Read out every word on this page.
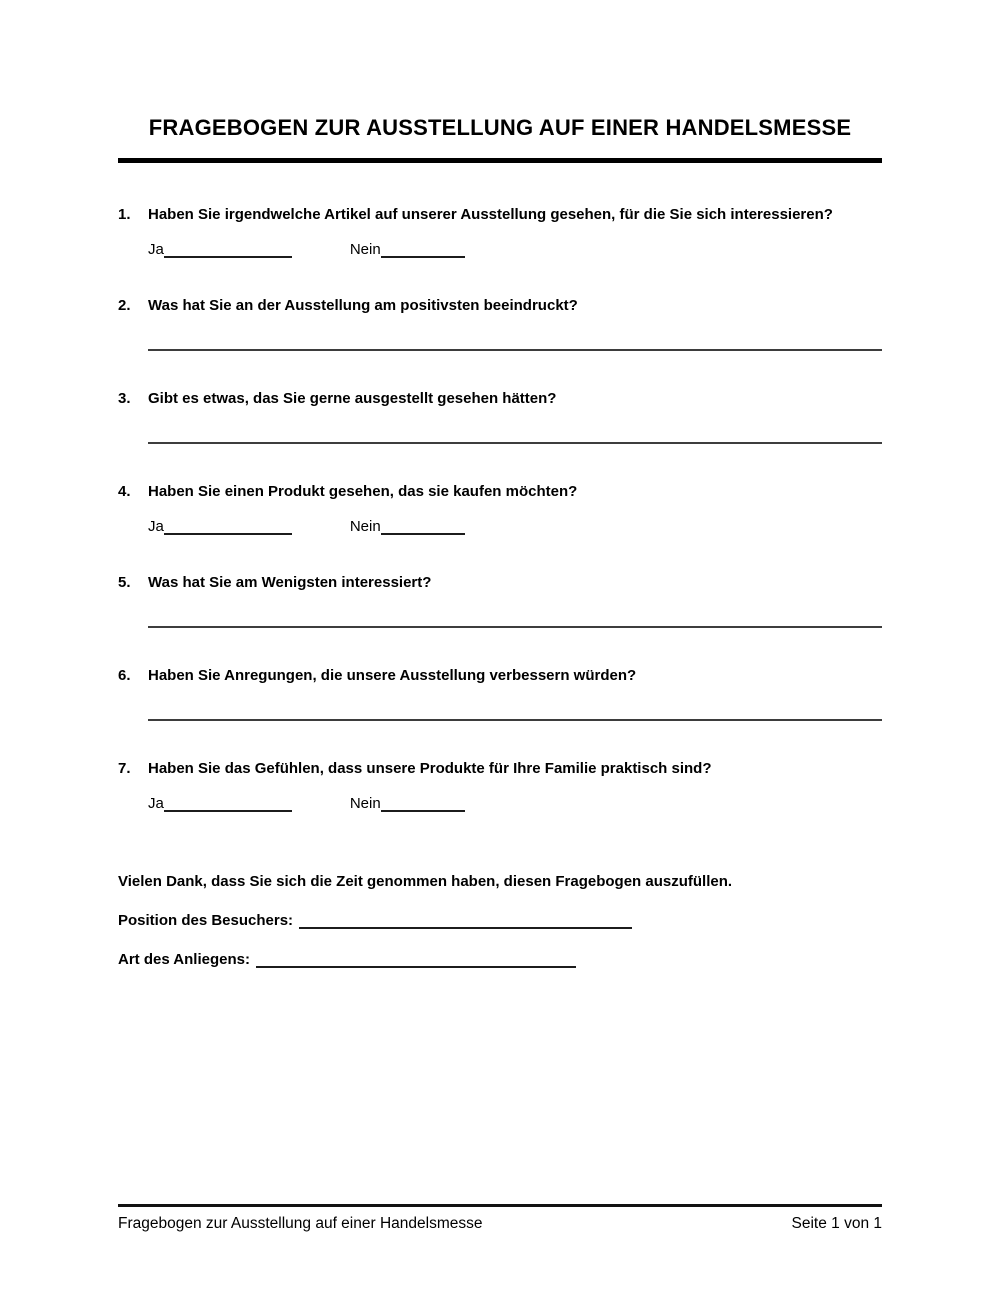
FRAGEBOGEN ZUR AUSSTELLUNG AUF EINER HANDELSMESSE
1.	Haben Sie irgendwelche Artikel auf unserer Ausstellung gesehen, für die Sie sich interessieren?
Ja	Nein
2.	Was hat Sie an der Ausstellung am positivsten beeindruckt?
3.	Gibt es etwas, das Sie gerne ausgestellt gesehen hätten?
4.	Haben Sie einen Produkt gesehen, das sie kaufen möchten?
Ja	Nein
5.	Was hat Sie am Wenigsten interessiert?
6.	Haben Sie Anregungen, die unsere Ausstellung verbessern würden?
7.	Haben Sie das Gefühlen, dass unsere Produkte für Ihre Familie praktisch sind?
Ja	Nein
Vielen Dank, dass Sie sich die Zeit genommen haben, diesen Fragebogen auszufüllen.
Position des Besuchers:
Art des Anliegens:
Fragebogen zur Ausstellung auf einer Handelsmesse	Seite 1 von 1
